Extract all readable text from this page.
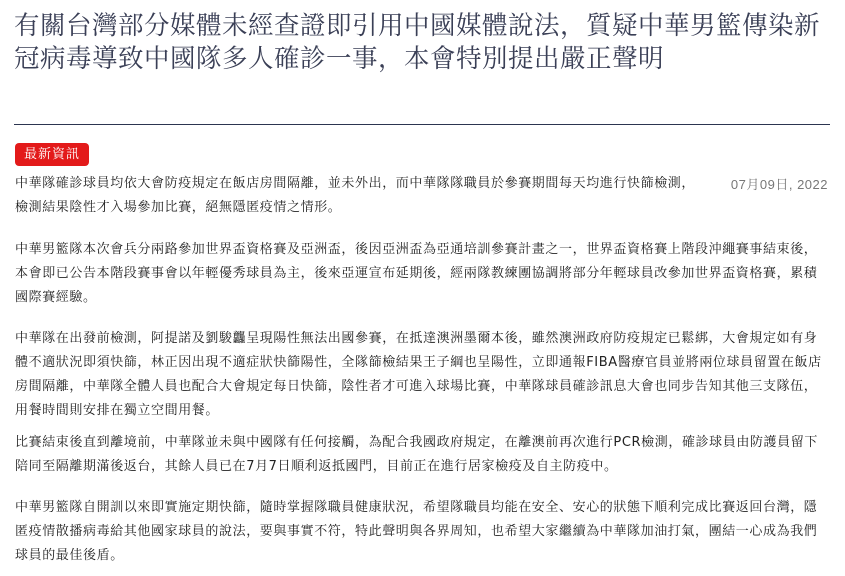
有關台灣部分媒體未經查證即引用中國媒體說法，質疑中華男籃傳染新冠病毒導致中國隊多人確診一事，本會特別提出嚴正聲明
最新資訊
07月09日, 2022

中華隊確診球員均依大會防疫規定在飯店房間隔離，並未外出，而中華隊隊職員於參賽期間每天均進行快篩檢測，檢測結果陰性才入場參加比賽，絕無隱匿疫情之情形。

中華男籃隊本次會兵分兩路參加世界盃資格賽及亞洲盃，後因亞洲盃為亞通培訓參賽計畫之一，世界盃資格賽上階段沖繩賽事結束後，本會即已公告本階段賽事會以年輕優秀球員為主，後來亞運宣布延期後，經兩隊教練團協調將部分年輕球員改參加世界盃資格賽，累積國際賽經驗。

中華隊在出發前檢測，阿提諾及劉駿龘呈現陽性無法出國參賽，在抵達澳洲墨爾本後，雖然澳洲政府防疫規定已鬆綁，大會規定如有身體不適狀況即須快篩，林正因出現不適症狀快篩陽性，全隊篩檢結果王子綱也呈陽性，立即通報FIBA醫療官員並將兩位球員留置在飯店房間隔離，中華隊全體人員也配合大會規定每日快篩，陰性者才可進入球場比賽，中華隊球員確診訊息大會也同步告知其他三支隊伍，用餐時間則安排在獨立空間用餐。

比賽結束後直到離境前，中華隊並未與中國隊有任何接觸，為配合我國政府規定，在離澳前再次進行PCR檢測，確診球員由防護員留下陪同至隔離期滿後返台，其餘人員已在7月7日順利返抵國門，目前正在進行居家檢疫及自主防疫中。

中華男籃隊自開訓以來即實施定期快篩，隨時掌握隊職員健康狀況，希望隊職員均能在安全、安心的狀態下順利完成比賽返回台灣，隱匿疫情散播病毒給其他國家球員的說法，要與事實不符，特此聲明與各界周知，也希望大家繼續為中華隊加油打氣，團結一心成為我們球員的最佳後盾。
